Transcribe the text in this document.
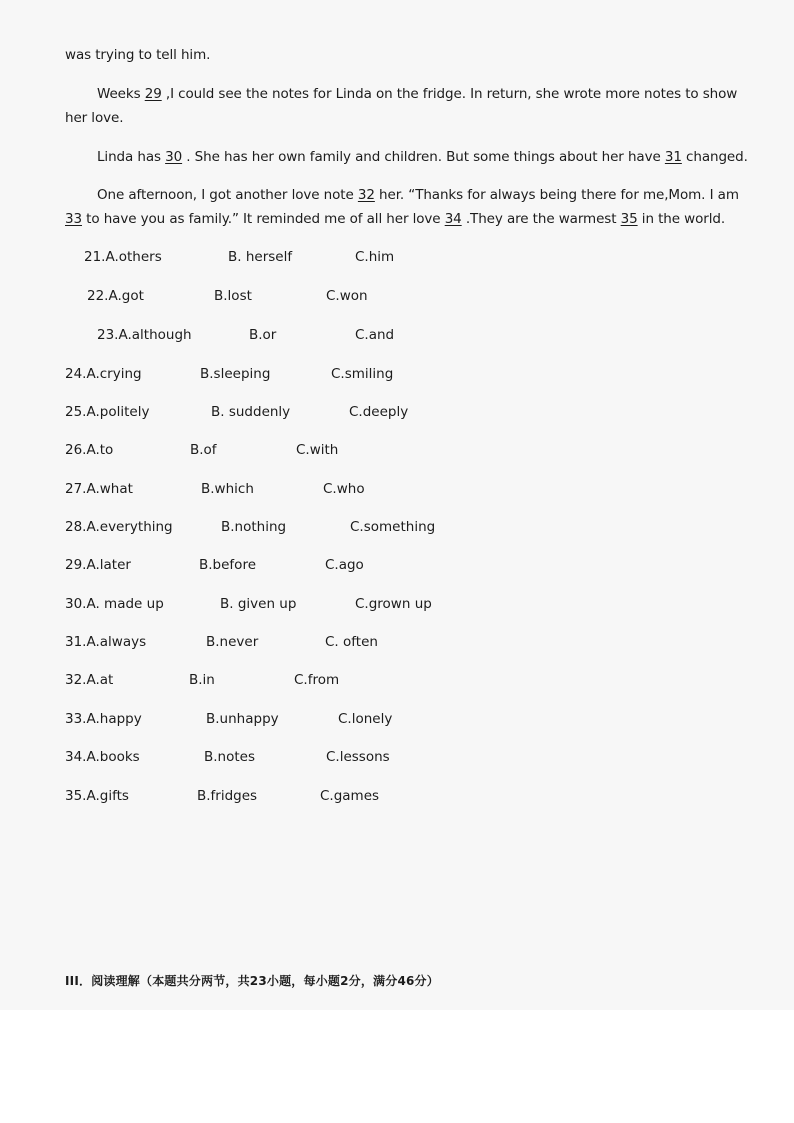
was trying to tell him.
Weeks 29 ,I could see the notes for Linda on the fridge. In return, she wrote more notes to show
her love.
Linda has 30 . She has her own family and children. But some things about her have 31 changed.
One afternoon, I got another love note 32 her. “Thanks for always being there for me,Mom. I am
33 to have you as family.” It reminded me of all her love 34 .They are the warmest 35 in the world.
21.A.others	B. herself	C.him
22.A.got	B.lost	C.won
23.A.although	B.or	C.and
24.A.crying	B.sleeping	C.smiling
25.A.politely	B. suddenly	C.deeply
26.A.to	B.of	C.with
27.A.what	B.which	C.who
28.A.everything	B.nothing	C.something
29.A.later	B.before	C.ago
30.A. made up	B. given up	C.grown up
31.A.always	B.never	C. often
32.A.at	B.in	C.from
33.A.happy	B.unhappy	C.lonely
34.A.books	B.notes	C.lessons
35.A.gifts	B.fridges	C.games
III．阅读理解（本题共分两节，共23小题，每小题2分，满分46分）
